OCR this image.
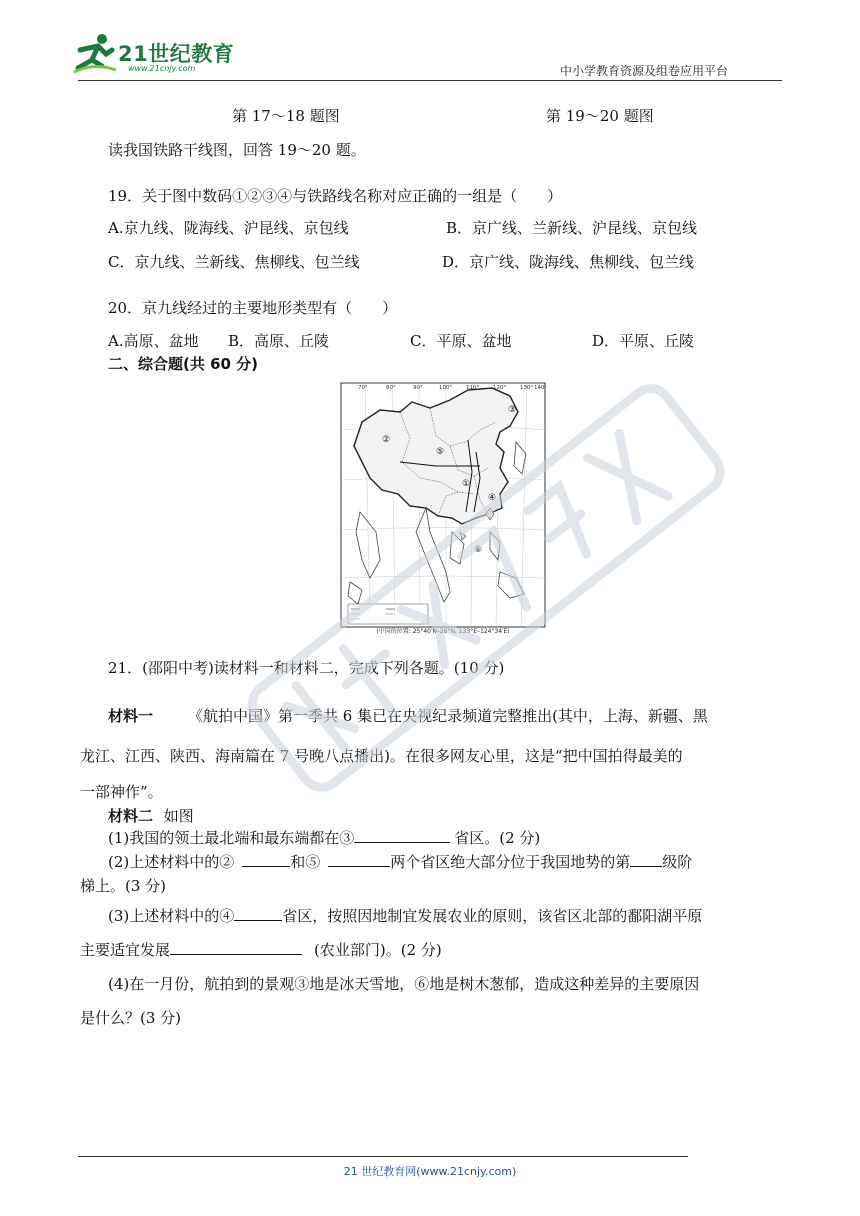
21世纪教育
www.21cnjy.com	中小学教育资源及组卷应用平台
第 17～18 题图	第 19～20 题图
读我国铁路干线图，回答 19～20 题。
19．关于图中数码①②③④与铁路线名称对应正确的一组是（　　）
A.京九线、陇海线、沪昆线、京包线	B．京广线、兰新线、沪昆线、京包线
C．京九线、兰新线、焦柳线、包兰线	D．京广线、陇海线、焦柳线、包兰线
20．京九线经过的主要地形类型有（　　）
A.高原、盆地 B．高原、丘陵	C．平原、盆地	D．平原、丘陵
二、综合题(共 60 分)
②
③
①
④
⑤
⑥
70°	80°	90°	100°	110°	120°	130° 140°
(中国的位置: 25°40′N–26°N, 123°E–124°34′E)
21．(邵阳中考)读材料一和材料二，完成下列各题。(10 分)
材料一 《航拍中国》第一季共 6 集已在央视纪录频道完整推出(其中，上海、新疆、黑
龙江、江西、陕西、海南篇在 7 号晚八点播出)。在很多网友心里，这是“把中国拍得最美的
一部神作”。
材料二 如图
(1)我国的领土最北端和最东端都在③	省区。(2 分)
(2)上述材料中的②	和⑤	两个省区绝大部分位于我国地势的第 级阶
梯上。(3 分)
(3)上述材料中的④	省区，按照因地制宜发展农业的原则，该省区北部的鄱阳湖平原
主要适宜发展	(农业部门)。(2 分)
(4)在一月份，航拍到的景观③地是冰天雪地，⑥地是树木葱郁，造成这种差异的主要原因
是什么？(3 分)
21 世纪教育网(www.21cnjy.com)
